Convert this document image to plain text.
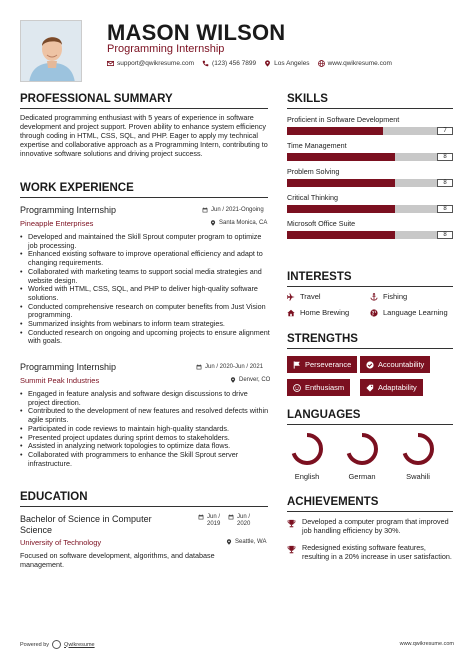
MASON WILSON
Programming Internship
support@qwikresume.com	(123) 456 7899	Los Angeles	www.qwikresume.com
PROFESSIONAL SUMMARY
Dedicated programming enthusiast with 5 years of experience in software development and project support. Proven ability to enhance system efficiency through coding in HTML, CSS, SQL, and PHP. Eager to apply my technical expertise and collaborative approach as a Programming Intern, contributing to innovative software solutions and driving project success.
WORK EXPERIENCE
Programming Internship	Jun / 2021-Ongoing
Pineapple Enterprises	Santa Monica, CA
• Developed and maintained the Skill Sprout computer program to optimize job processing.
• Enhanced existing software to improve operational efficiency and adapt to changing requirements.
• Collaborated with marketing teams to support social media strategies and website design.
• Worked with HTML, CSS, SQL, and PHP to deliver high-quality software solutions.
• Conducted comprehensive research on computer benefits from Just Vision programming.
• Summarized insights from webinars to inform team strategies.
• Conducted research on ongoing and upcoming projects to ensure alignment with goals.
Programming Internship	Jun / 2020-Jun / 2021
Summit Peak Industries	Denver, CO
• Engaged in feature analysis and software design discussions to drive project direction.
• Contributed to the development of new features and resolved defects within agile sprints.
• Participated in code reviews to maintain high-quality standards.
• Presented project updates during sprint demos to stakeholders.
• Assisted in analyzing network topologies to optimize data flows.
• Collaborated with programmers to enhance the Skill Sprout server infrastructure.
EDUCATION
Bachelor of Science in Computer Science
Jun / 2019
Jun / 2020
University of Technology	Seattle, WA
Focused on software development, algorithms, and database management.
SKILLS
Proficient in Software Development
7
Time Management
8
Problem Solving
8
Critical Thinking
8
Microsoft Office Suite
8
INTERESTS
Travel	Fishing
Home Brewing	Language Learning
STRENGTHS
Perseverance	Accountability
Enthusiasm	Adaptability
LANGUAGES
English	German	Swahili
ACHIEVEMENTS
Developed a computer program that improved job handling efficiency by 30%.
Redesigned existing software features, resulting in a 20% increase in user satisfaction.
Powered by	Qwikresume	www.qwikresume.com
